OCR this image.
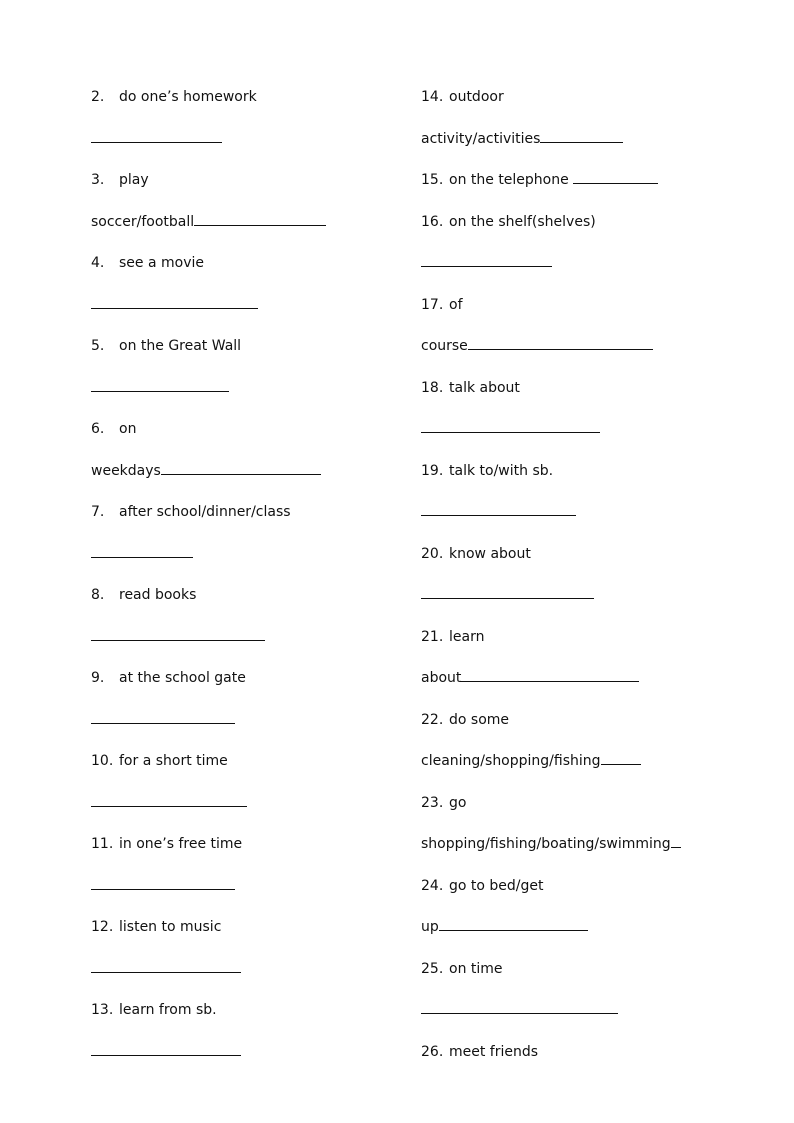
2. do one’s homework
3. play
soccer/football
4. see a movie
5. on the Great Wall
6. on
weekdays
7. after school/dinner/class
8. read books
9. at the school gate
10. for a short time
11. in one’s free time
12. listen to music
13. learn from sb.
14. outdoor
activity/activities
15. on the telephone
16. on the shelf(shelves)
17. of
course
18. talk about
19. talk to/with sb.
20. know about
21. learn
about
22. do some
cleaning/shopping/fishing
23. go
shopping/fishing/boating/swimming
24. go to bed/get
up
25. on time
26. meet friends
